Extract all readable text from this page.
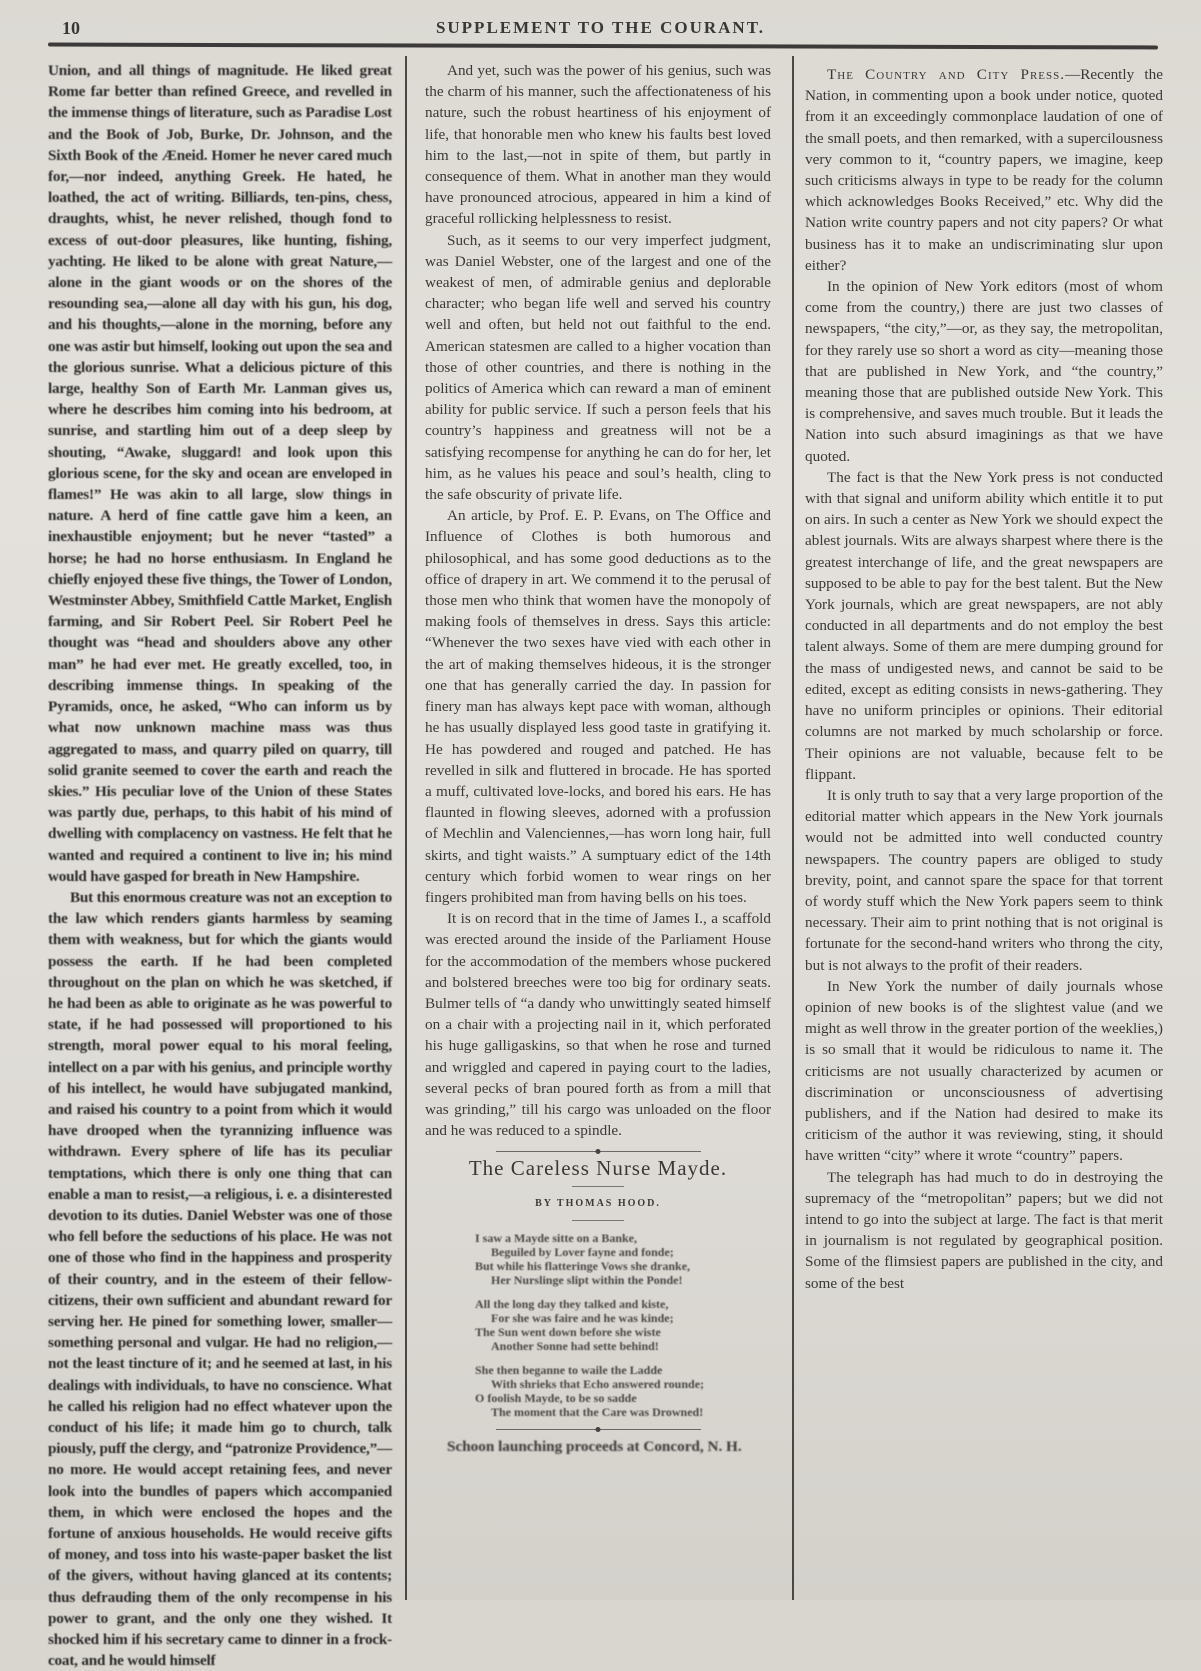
10	SUPPLEMENT TO THE COURANT.

Union, and all things of magnitude. He liked great Rome far better than refined Greece, and revelled in the immense things of literature, such as Paradise Lost and the Book of Job, Burke, Dr. Johnson, and the Sixth Book of the Æneid. Homer he never cared much for,—nor indeed, anything Greek. He hated, he loathed, the act of writing. Billiards, ten-pins, chess, draughts, whist, he never relished, though fond to excess of out-door pleasures, like hunting, fishing, yachting. He liked to be alone with great Nature,—alone in the giant woods or on the shores of the resounding sea,—alone all day with his gun, his dog, and his thoughts,—alone in the morning, before any one was astir but himself, looking out upon the sea and the glorious sunrise. What a delicious picture of this large, healthy Son of Earth Mr. Lanman gives us, where he describes him coming into his bedroom, at sunrise, and startling him out of a deep sleep by shouting, “Awake, sluggard! and look upon this glorious scene, for the sky and ocean are enveloped in flames!” He was akin to all large, slow things in nature. A herd of fine cattle gave him a keen, an inexhaustible enjoyment; but he never “tasted” a horse; he had no horse enthusiasm. In England he chiefly enjoyed these five things, the Tower of London, Westminster Abbey, Smithfield Cattle Market, English farming, and Sir Robert Peel. Sir Robert Peel he thought was “head and shoulders above any other man” he had ever met. He greatly excelled, too, in describing immense things. In speaking of the Pyramids, once, he asked, “Who can inform us by what now unknown machine mass was thus aggregated to mass, and quarry piled on quarry, till solid granite seemed to cover the earth and reach the skies.” His peculiar love of the Union of these States was partly due, perhaps, to this habit of his mind of dwelling with complacency on vastness. He felt that he wanted and required a continent to live in; his mind would have gasped for breath in New Hampshire.

But this enormous creature was not an exception to the law which renders giants harmless by seaming them with weakness, but for which the giants would possess the earth. If he had been completed throughout on the plan on which he was sketched, if he had been as able to originate as he was powerful to state, if he had possessed will proportioned to his strength, moral power equal to his moral feeling, intellect on a par with his genius, and principle worthy of his intellect, he would have subjugated mankind, and raised his country to a point from which it would have drooped when the tyrannizing influence was withdrawn. Every sphere of life has its peculiar temptations, which there is only one thing that can enable a man to resist,—a religious, i. e. a disinterested devotion to its duties. Daniel Webster was one of those who fell before the seductions of his place. He was not one of those who find in the happiness and prosperity of their country, and in the esteem of their fellow-citizens, their own sufficient and abundant reward for serving her. He pined for something lower, smaller—something personal and vulgar. He had no religion,—not the least tincture of it; and he seemed at last, in his dealings with individuals, to have no conscience. What he called his religion had no effect whatever upon the conduct of his life; it made him go to church, talk piously, puff the clergy, and “patronize Providence,”—no more. He would accept retaining fees, and never look into the bundles of papers which accompanied them, in which were enclosed the hopes and the fortune of anxious households. He would receive gifts of money, and toss into his waste-paper basket the list of the givers, without having glanced at its contents; thus defrauding them of the only recompense in his power to grant, and the only one they wished. It shocked him if his secretary came to dinner in a frock-coat, and he would himself

And yet, such was the power of his genius, such was the charm of his manner, such the affectionateness of his nature, such the robust heartiness of his enjoyment of life, that honorable men who knew his faults best loved him to the last,—not in spite of them, but partly in consequence of them. What in another man they would have pronounced atrocious, appeared in him a kind of graceful rollicking helplessness to resist.

Such, as it seems to our very imperfect judgment, was Daniel Webster, one of the largest and one of the weakest of men, of admirable genius and deplorable character; who began life well and served his country well and often, but held not out faithful to the end. American statesmen are called to a higher vocation than those of other countries, and there is nothing in the politics of America which can reward a man of eminent ability for public service. If such a person feels that his country’s happiness and greatness will not be a satisfying recompense for anything he can do for her, let him, as he values his peace and soul’s health, cling to the safe obscurity of private life.

An article, by Prof. E. P. Evans, on The Office and Influence of Clothes is both humorous and philosophical, and has some good deductions as to the office of drapery in art. We commend it to the perusal of those men who think that women have the monopoly of making fools of themselves in dress. Says this article: “Whenever the two sexes have vied with each other in the art of making themselves hideous, it is the stronger one that has generally carried the day. In passion for finery man has always kept pace with woman, although he has usually displayed less good taste in gratifying it. He has powdered and rouged and patched. He has revelled in silk and fluttered in brocade. He has sported a muff, cultivated love-locks, and bored his ears. He has flaunted in flowing sleeves, adorned with a profussion of Mechlin and Valenciennes,—has worn long hair, full skirts, and tight waists.” A sumptuary edict of the 14th century which forbid women to wear rings on her fingers prohibited man from having bells on his toes.

It is on record that in the time of James I., a scaffold was erected around the inside of the Parliament House for the accommodation of the members whose puckered and bolstered breeches were too big for ordinary seats. Bulmer tells of “a dandy who unwittingly seated himself on a chair with a projecting nail in it, which perforated his huge galligaskins, so that when he rose and turned and wriggled and capered in paying court to the ladies, several pecks of bran poured forth as from a mill that was grinding,” till his cargo was unloaded on the floor and he was reduced to a spindle.

The Careless Nurse Mayde.
BY THOMAS HOOD.
I saw a Mayde sitte on a Banke,
Beguiled by Lover fayne and fonde;
But while his flatteringe Vows she dranke,
Her Nurslinge slipt within the Ponde!
All the long day they talked and kiste,
For she was faire and he was kinde;
The Sun went down before she wiste
Another Sonne had sette behind!
She then beganne to waile the Ladde
With shrieks that Echo answered rounde;
O foolish Mayde, to be so sadde
The moment that the Care was Drowned!

Schoon launching proceeds at Concord, N. H.

The Country and City Press.—Recently the Nation, in commenting upon a book under notice, quoted from it an exceedingly commonplace laudation of one of the small poets, and then remarked, with a supercilousness very common to it, “country papers, we imagine, keep such criticisms always in type to be ready for the column which acknowledges Books Received,” etc. Why did the Nation write country papers and not city papers? Or what business has it to make an undiscriminating slur upon either?

In the opinion of New York editors (most of whom come from the country,) there are just two classes of newspapers, “the city,”—or, as they say, the metropolitan, for they rarely use so short a word as city—meaning those that are published in New York, and “the country,” meaning those that are published outside New York. This is comprehensive, and saves much trouble. But it leads the Nation into such absurd imaginings as that we have quoted.

The fact is that the New York press is not conducted with that signal and uniform ability which entitle it to put on airs. In such a center as New York we should expect the ablest journals. Wits are always sharpest where there is the greatest interchange of life, and the great newspapers are supposed to be able to pay for the best talent. But the New York journals, which are great newspapers, are not ably conducted in all departments and do not employ the best talent always. Some of them are mere dumping ground for the mass of undigested news, and cannot be said to be edited, except as editing consists in news-gathering. They have no uniform principles or opinions. Their editorial columns are not marked by much scholarship or force. Their opinions are not valuable, because felt to be flippant.

It is only truth to say that a very large proportion of the editorial matter which appears in the New York journals would not be admitted into well conducted country newspapers. The country papers are obliged to study brevity, point, and cannot spare the space for that torrent of wordy stuff which the New York papers seem to think necessary. Their aim to print nothing that is not original is fortunate for the second-hand writers who throng the city, but is not always to the profit of their readers.

In New York the number of daily journals whose opinion of new books is of the slightest value (and we might as well throw in the greater portion of the weeklies,) is so small that it would be ridiculous to name it. The criticisms are not usually characterized by acumen or discrimination or unconsciousness of advertising publishers, and if the Nation had desired to make its criticism of the author it was reviewing, sting, it should have written “city” where it wrote “country” papers.

The telegraph has had much to do in destroying the supremacy of the “metropolitan” papers; but we did not intend to go into the subject at large. The fact is that merit in journalism is not regulated by geographical position. Some of the flimsiest papers are published in the city, and some of the best
